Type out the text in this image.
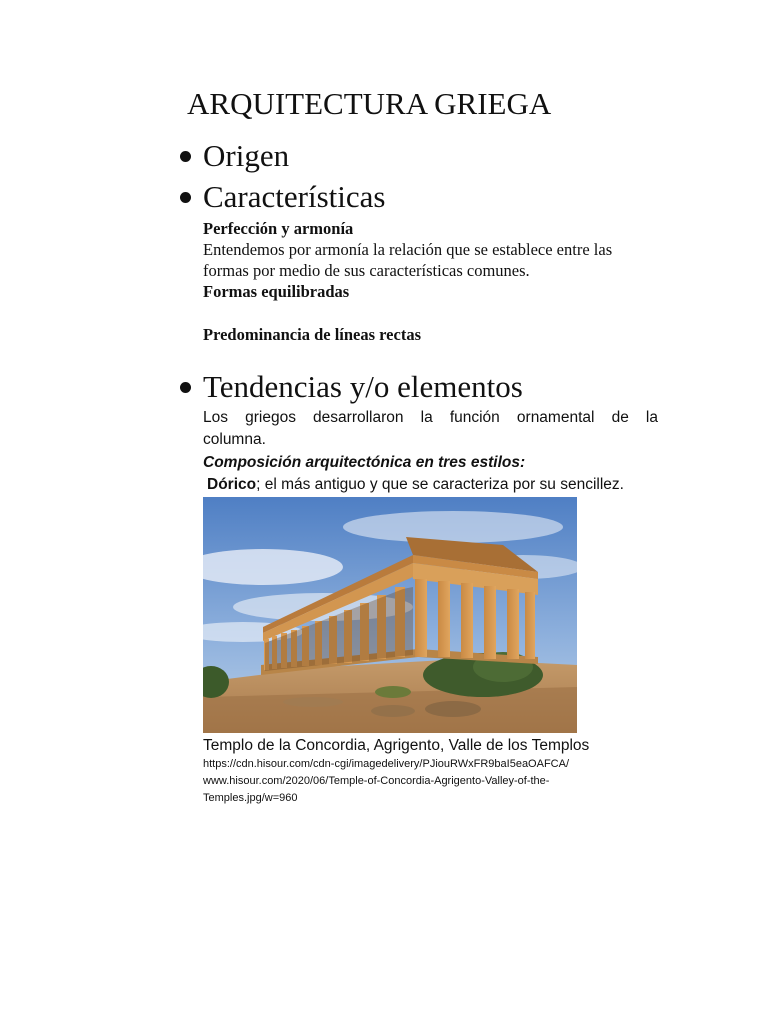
ARQUITECTURA GRIEGA
Origen
Características
Perfección y armonía
Entendemos por armonía la relación que se establece entre las
formas por medio de sus características comunes.
Formas equilibradas
Predominancia de líneas rectas
Tendencias y/o elementos
Los griegos desarrollaron la función ornamental de la
columna.
Composición arquitectónica en tres estilos:
Dórico; el más antiguo y que se caracteriza por su sencillez.
Templo de la Concordia, Agrigento, Valle de los Templos
https://cdn.hisour.com/cdn-cgi/imagedelivery/PJiouRWxFR9baI5eaOAFCA/
www.hisour.com/2020/06/Temple-of-Concordia-Agrigento-Valley-of-the-
Temples.jpg/w=960
